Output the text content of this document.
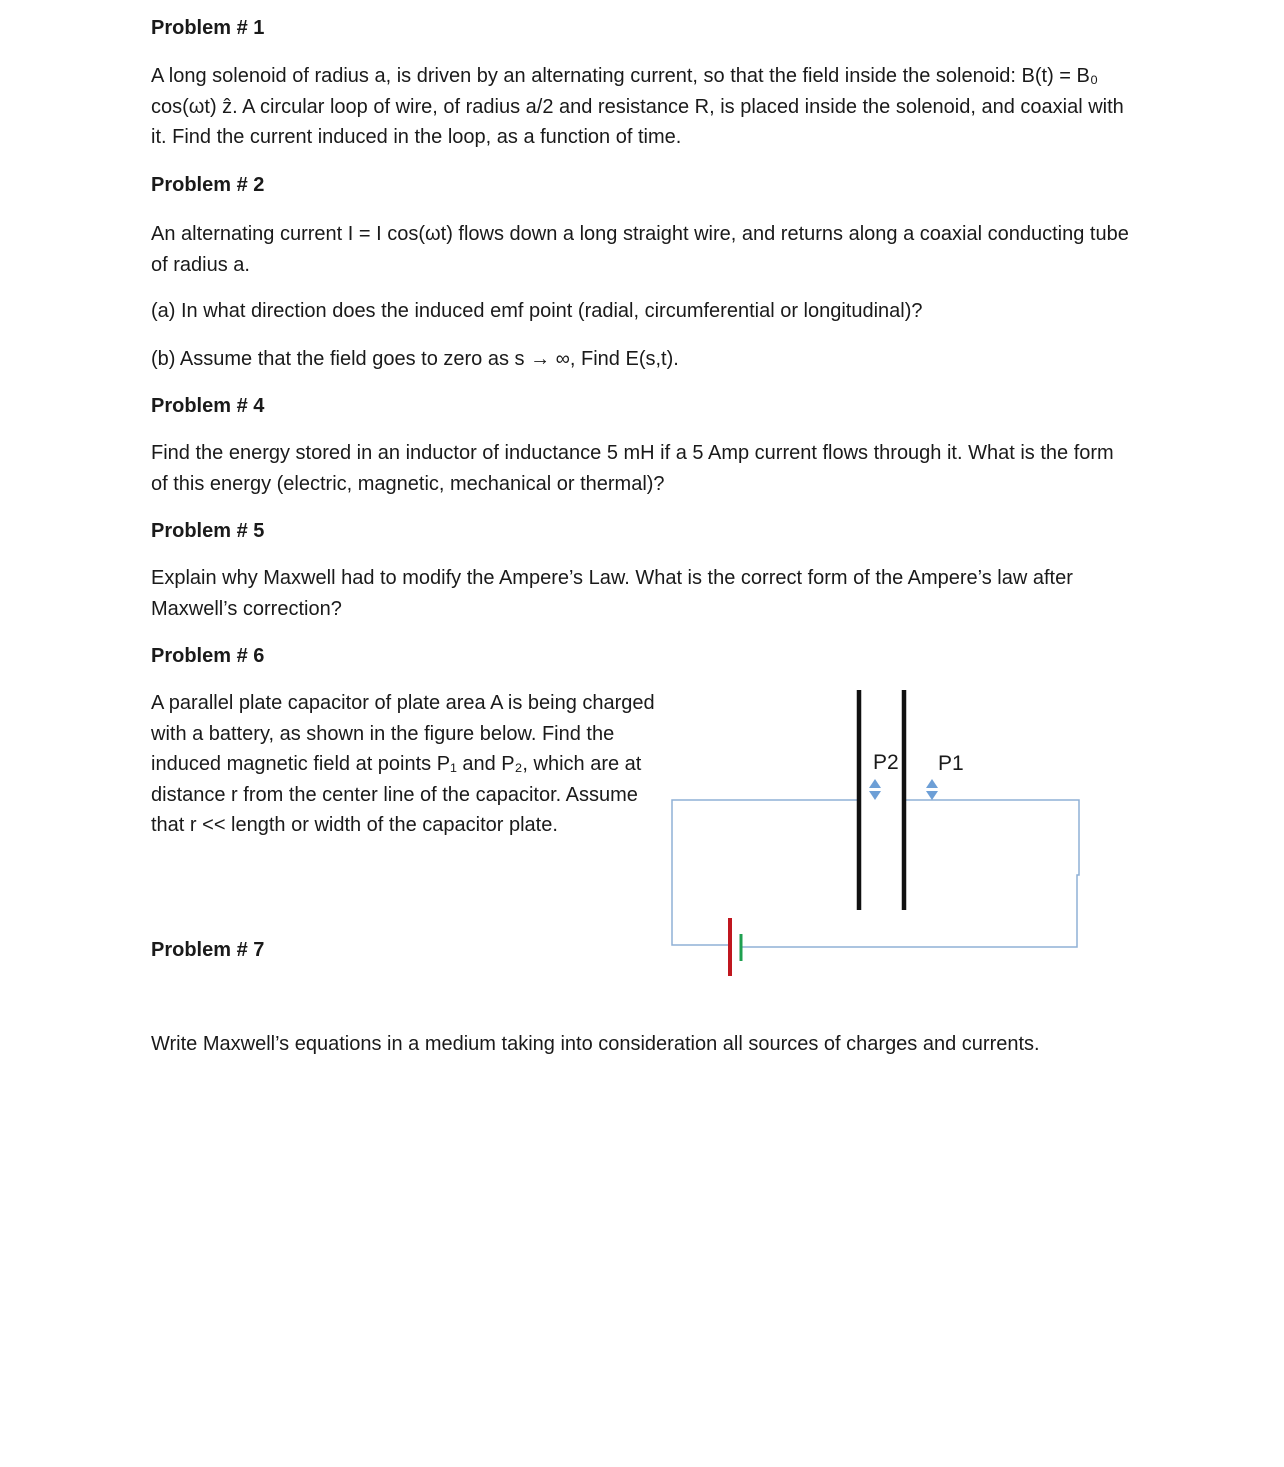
Problem # 1
A long solenoid of radius a, is driven by an alternating current, so that the field inside the solenoid: B(t) = B₀ cos(ωt) ẑ. A circular loop of wire, of radius a/2 and resistance R, is placed inside the solenoid, and coaxial with it. Find the current induced in the loop, as a function of time.
Problem # 2
An alternating current I = I cos(ωt) flows down a long straight wire, and returns along a coaxial conducting tube of radius a.
(a) In what direction does the induced emf point (radial, circumferential or longitudinal)?
(b) Assume that the field goes to zero as s → ∞, Find E(s,t).
Problem # 4
Find the energy stored in an inductor of inductance 5 mH if a 5 Amp current flows through it. What is the form of this energy (electric, magnetic, mechanical or thermal)?
Problem # 5
Explain why Maxwell had to modify the Ampere’s Law. What is the correct form of the Ampere’s law after Maxwell’s correction?
Problem # 6
A parallel plate capacitor of plate area A is being charged with a battery, as shown in the figure below. Find the induced magnetic field at points P₁ and P₂, which are at distance r from the center line of the capacitor. Assume that r << length or width of the capacitor plate.
Problem # 7
Write Maxwell’s equations in a medium taking into consideration all sources of charges and currents.
P2 P1
